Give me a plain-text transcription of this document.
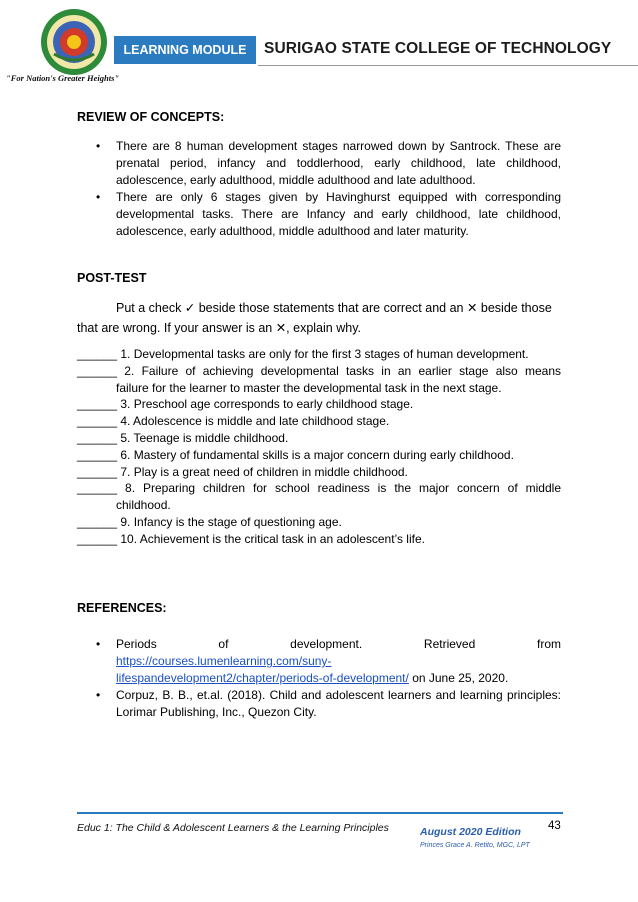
"For Nation's Greater Heights"
LEARNING MODULE	SURIGAO STATE COLLEGE OF TECHNOLOGY
REVIEW OF CONCEPTS:
• There are 8 human development stages narrowed down by Santrock. These are prenatal period, infancy and toddlerhood, early childhood, late childhood, adolescence, early adulthood, middle adulthood and late adulthood.
• There are only 6 stages given by Havinghurst equipped with corresponding developmental tasks. There are Infancy and early childhood, late childhood, adolescence, early adulthood, middle adulthood and later maturity.
POST-TEST
Put a check ✓ beside those statements that are correct and an ✕ beside those
that are wrong. If your answer is an ✕, explain why.
______ 1. Developmental tasks are only for the first 3 stages of human development.
______ 2. Failure of achieving developmental tasks in an earlier stage also means
failure for the learner to master the developmental task in the next stage.
______ 3. Preschool age corresponds to early childhood stage.
______ 4. Adolescence is middle and late childhood stage.
______ 5. Teenage is middle childhood.
______ 6. Mastery of fundamental skills is a major concern during early childhood.
______ 7. Play is a great need of children in middle childhood.
______ 8. Preparing children for school readiness is the major concern of middle
childhood.
______ 9. Infancy is the stage of questioning age.
______ 10. Achievement is the critical task in an adolescent’s life.
REFERENCES:
• Periods	of	development.	Retrieved	from
https://courses.lumenlearning.com/suny-
lifespandevelopment2/chapter/periods-of-development/ on June 25, 2020.
• Corpuz, B. B., et.al. (2018). Child and adolescent learners and learning principles: Lorimar Publishing, Inc., Quezon City.
Educ 1: The Child & Adolescent Learners & the Learning Principles	August 2020 Edition
Princes Grace A. Retito, MGC, LPT
43
